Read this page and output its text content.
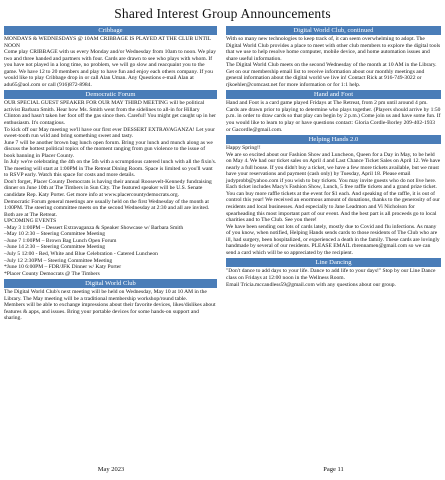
Shared Interest Group Announcements
Cribbage

MONDAYS & WEDNESDAYS @ 10AM CRIBBAGE IS PLAYED AT THE CLUB UNTIL NOON
Come play CRIBBAGE with us every Monday and/or Wednesday from 10am to noon. We play two and three handed and partners with four. Cards are drawn to see who plays with whom. If you have not played in a long time, no problem, we will go slow and reacquaint you to the game. We have 12 to 20 members and play to have fun and enjoy each others company. If you would like to play Cribbage drop in or call Alan Uman. Any Questions e-mail Alan at adu65@aol.com or call (916)872-8984.

Democratic Forum

OUR SPECIAL GUEST SPEAKER FOR OUR MAY THIRD MEETING will be political activist Barbara Smith. Hear how Ms. Smith went from the sidelines to all-in for Hillary Clinton and hasn't taken her foot off the gas since then. Careful! You might get caught up in her enthusiasm. It's contagious.
To kick off our May meeting we'll have our first ever DESSERT EXTRAVAGANZA! Let your sweet-tooth run wild and bring something sweet and tasty.
June 7 will be another brown bag lunch open forum. Bring your lunch and munch along as we discuss the hottest political topics of the moment ranging from gun violence to the issue of book banning in Placer County.
In July we're celebrating the 4th on the 5th with a scrumptious catered lunch with all the fixin's. The meeting will start at 1:00PM in The Retreat Dining Room. Space is limited so you'll want to RSVP early. Watch this space for costs and more details.
Don't forget, Placer County Democrats is having their annual Roosevelt-Kennedy fundraising dinner on June 10th at The Timbers in Sun City. The featured speaker will be U.S. Senate candidate Rep. Katy Porter. Get more info at www.placercountydemocrats.org.
Democratic Forum general meetings are usually held on the first Wednesday of the month at 1:00PM. The steering committee meets on the second Wednesday at 2:30 and all are invited. Both are at The Retreat.
UPCOMING EVENTS
–May 3 1:00PM – Dessert Extravaganza & Speaker Showcase w/ Barbara Smith
–May 10 2:30 – Steering Committee Meeting
–June 7 1:00PM – Brown Bag Lunch Open Forum
–June 14 2:30 – Steering Committee Meeting
–July 5 12:00 - Red, White and Blue Celebration - Catered Luncheon
–July 12 2:30PM – Steering Committee Meeting
*June 10 6:00PM – FDR/JFK Dinner w/ Katy Porter
*Placer County Democrats @ The Timbers

Digital World Club

The Digital World Club's next meeting will be held on Wednesday, May 10 at 10 AM in the Library. The May meeting will be a traditional membership workshop/round table.
Members will be able to exchange impressions about their favorite devices, likes/dislikes about features & apps, and issues. Bring your portable devices for some hands-on support and sharing.

Digital World Club, continued

With so many new technologies to keep track of, it can seem overwhelming to adopt. The Digital World Club provides a place to meet with other club members to explore the digital tools that we use to help resolve home computer, mobile device, and home automation issues and share useful information.
The Digital World Club meets on the second Wednesday of the month at 10 AM in the Library. Get on our membership email list to receive information about our monthly meetings and general information about the digital world we live in! Contact Rick at 916-749-3022 or rjkoehler@comcast.net for more information or for 1:1 help.

Hand and Foot

Hand and Foot is a card game played Fridays at The Retreat, from 2 pm until around 4 pm. Cards are drawn prior to playing to determine who plays together. (Players should arrive by 1:50 p.m. in order to draw cards so that play can begin by 2 p.m.) Come join us and have some fun. If you would like to learn to play or have questions contact: Gloria Cordle-Borley 209-402-1933 or Gacordle@gmail.com.

Helping Hands 2.0

Happy Spring!!
We are so excited about our Fashion Show and Luncheon, Queen for a Day in May, to be held on May 4. We had our ticket sales on April 4 and Last Chance Ticket Sales on April 12. We have nearly a full house. If you didn't buy a ticket, we have a few more tickets available, but we must have your reservations and payment (cash only) by Tuesday, April 18. Please email judyprobb@yahoo.com if you wish to buy tickets. You may invite guests who do not live here. Each ticket includes Macy's Fashion Show, Lunch, 5 free raffle tickets and a grand prize ticket. You can buy more raffle tickets at the event for $1 each. And speaking of the raffle, it is out of control this year! We received an enormous amount of donations, thanks to the generosity of our residents and local businesses. And especially to Jane Leadmon and Vi Nicholson for spearheading this most important part of our event. And the best part is all proceeds go to local charities and to The Club. See you there!
We have been sending out lots of cards lately, mostly due to Covid and flu infections. As many of you know, when notified, Helping Hands sends cards to those residents of The Club who are ill, had surgery, been hospitalized, or experienced a death in the family. These cards are lovingly handmade by several of our residents. PLEASE EMAIL rbrennamen@gmail.com so we can send a card which will be so appreciated by the recipient.

Line Dancing

"Don't dance to add days to your life. Dance to add life to your days!" Stop by our Line Dance class on Fridays at 12:00 noon in the Wellness Room.
Email Tricia.mccandless59@gmail.com with any questions about our group.

May 2023	Page 11
